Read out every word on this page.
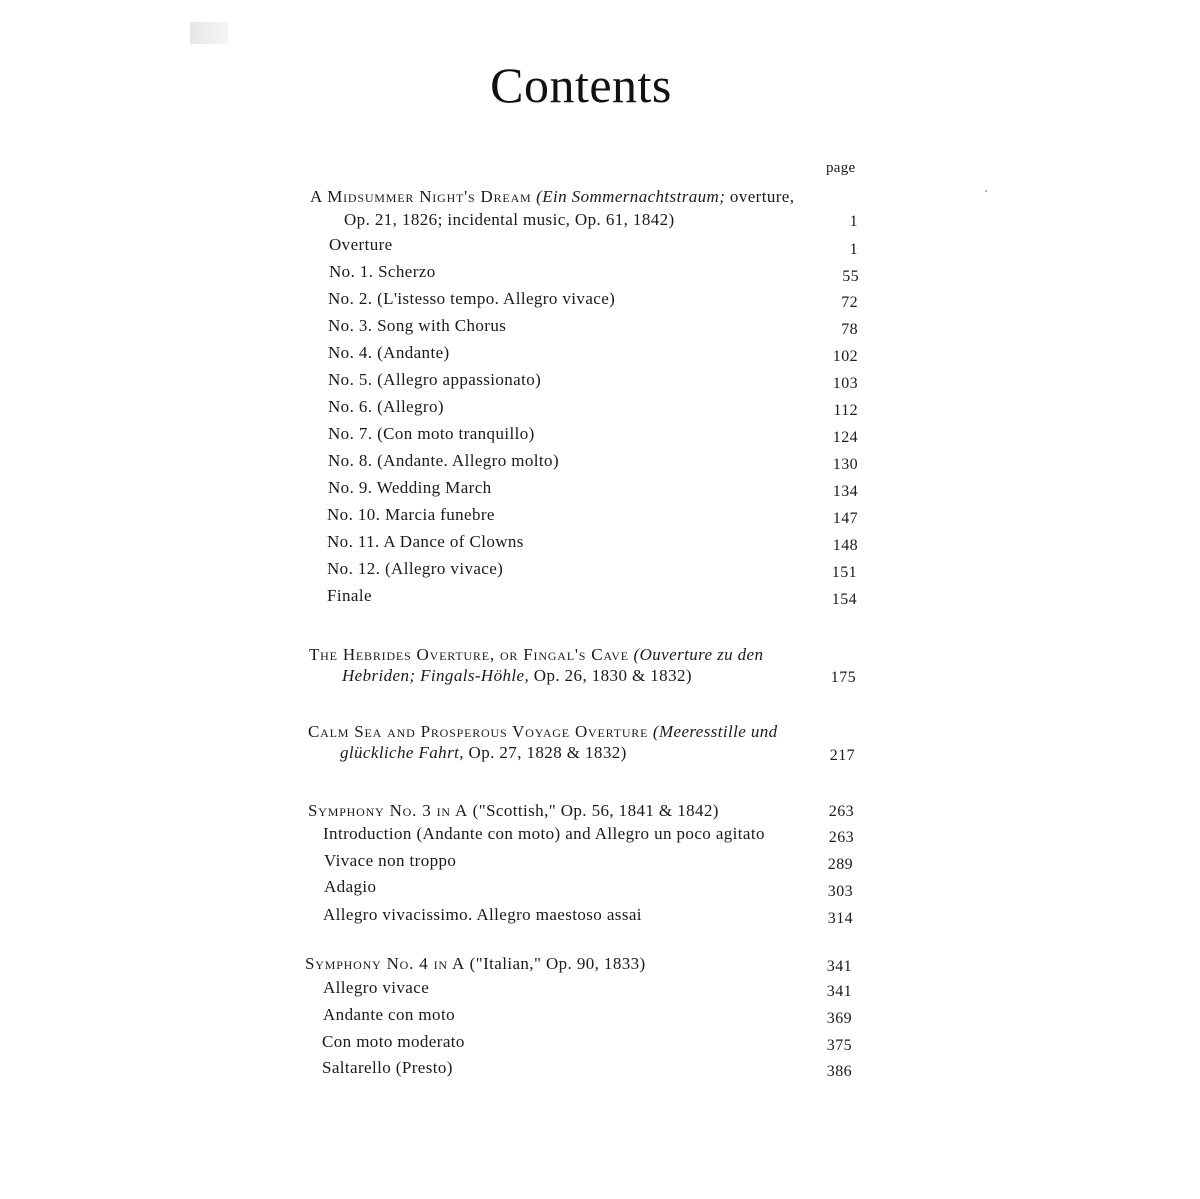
Contents
page
A Midsummer Night's Dream (Ein Sommernachtstraum; overture,
Op. 21, 1826; incidental music, Op. 61, 1842)	1
Overture	1
No. 1. Scherzo	55
No. 2. (L'istesso tempo. Allegro vivace)	72
No. 3. Song with Chorus	78
No. 4. (Andante)	102
No. 5. (Allegro appassionato)	103
No. 6. (Allegro)	112
No. 7. (Con moto tranquillo)	124
No. 8. (Andante. Allegro molto)	130
No. 9. Wedding March	134
No. 10. Marcia funebre	147
No. 11. A Dance of Clowns	148
No. 12. (Allegro vivace)	151
Finale	154
The Hebrides Overture, or Fingal's Cave (Ouverture zu den
Hebriden; Fingals-Höhle, Op. 26, 1830 & 1832)	175
Calm Sea and Prosperous Voyage Overture (Meeresstille und
glückliche Fahrt, Op. 27, 1828 & 1832)	217
Symphony No. 3 in A ("Scottish," Op. 56, 1841 & 1842)	263
Introduction (Andante con moto) and Allegro un poco agitato	263
Vivace non troppo	289
Adagio	303
Allegro vivacissimo. Allegro maestoso assai	314
Symphony No. 4 in A ("Italian," Op. 90, 1833)	341
Allegro vivace	341
Andante con moto	369
Con moto moderato	375
Saltarello (Presto)	386
